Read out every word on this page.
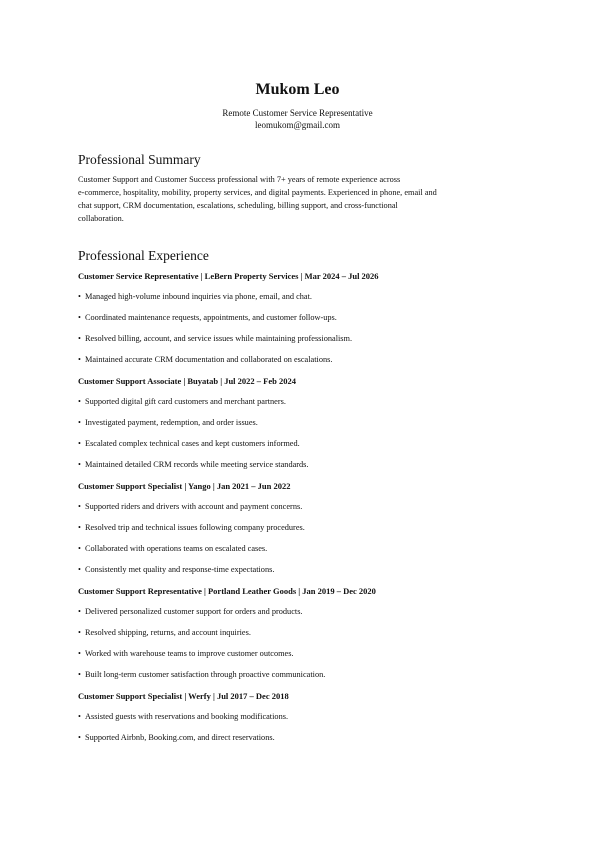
Mukom Leo
Remote Customer Service Representative
leomukom@gmail.com
Professional Summary
Customer Support and Customer Success professional with 7+ years of remote experience across
e-commerce, hospitality, mobility, property services, and digital payments. Experienced in phone, email and
chat support, CRM documentation, escalations, scheduling, billing support, and cross-functional
collaboration.
Professional Experience
Customer Service Representative | LeBern Property Services | Mar 2024 – Jul 2026
• Managed high-volume inbound inquiries via phone, email, and chat.
• Coordinated maintenance requests, appointments, and customer follow-ups.
• Resolved billing, account, and service issues while maintaining professionalism.
• Maintained accurate CRM documentation and collaborated on escalations.
Customer Support Associate | Buyatab | Jul 2022 – Feb 2024
• Supported digital gift card customers and merchant partners.
• Investigated payment, redemption, and order issues.
• Escalated complex technical cases and kept customers informed.
• Maintained detailed CRM records while meeting service standards.
Customer Support Specialist | Yango | Jan 2021 – Jun 2022
• Supported riders and drivers with account and payment concerns.
• Resolved trip and technical issues following company procedures.
• Collaborated with operations teams on escalated cases.
• Consistently met quality and response-time expectations.
Customer Support Representative | Portland Leather Goods | Jan 2019 – Dec 2020
• Delivered personalized customer support for orders and products.
• Resolved shipping, returns, and account inquiries.
• Worked with warehouse teams to improve customer outcomes.
• Built long-term customer satisfaction through proactive communication.
Customer Support Specialist | Werfy | Jul 2017 – Dec 2018
• Assisted guests with reservations and booking modifications.
• Supported Airbnb, Booking.com, and direct reservations.
